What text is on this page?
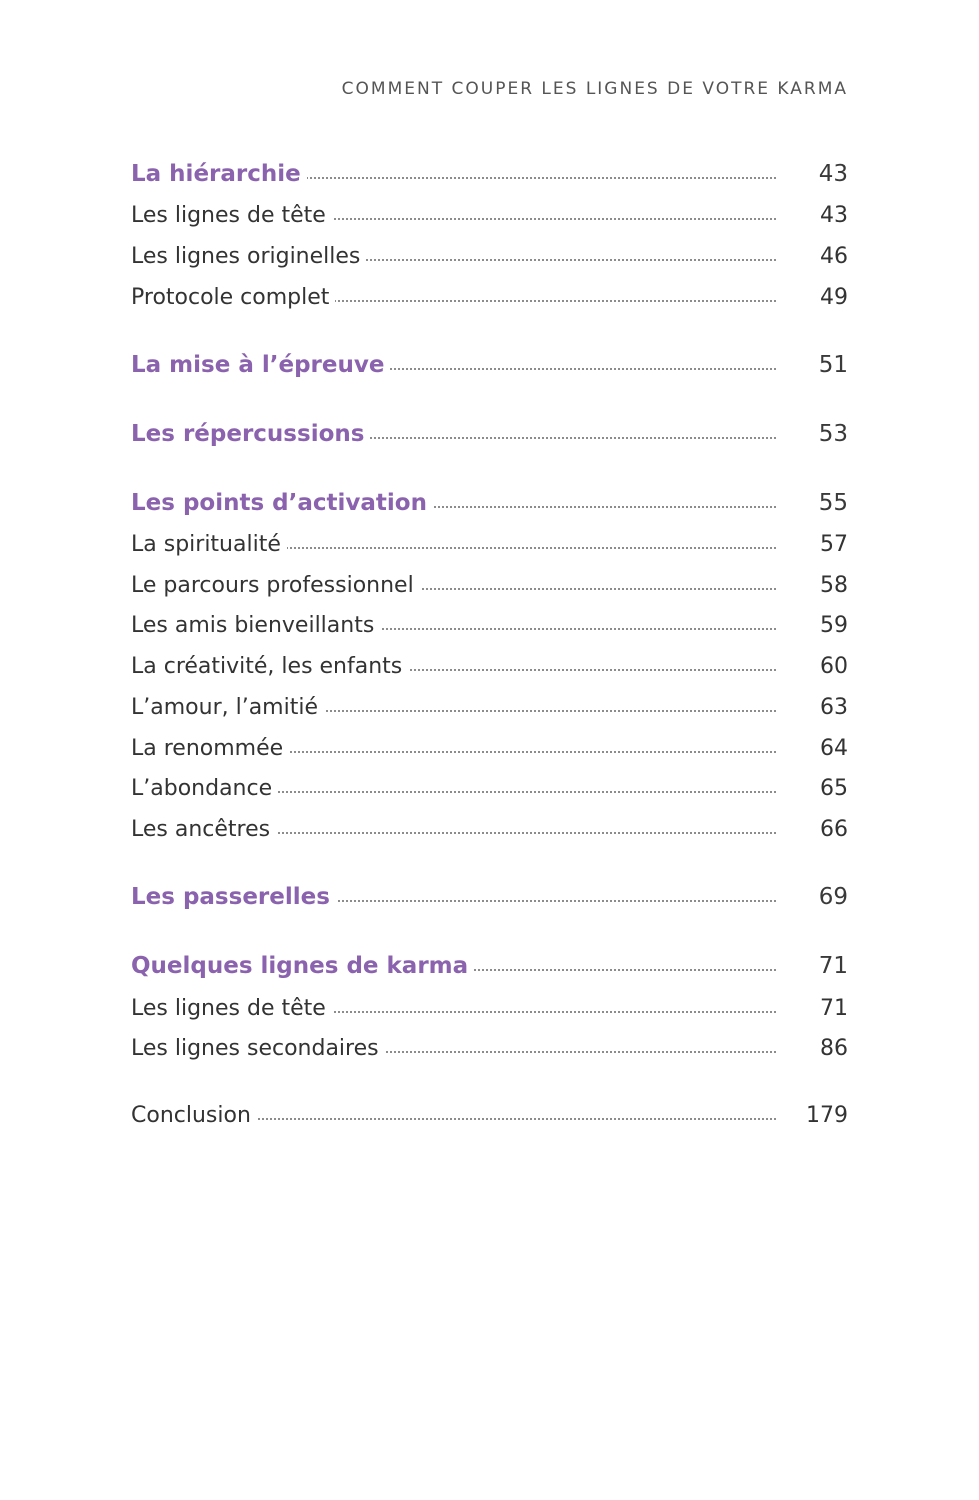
COMMENT COUPER LES LIGNES DE VOTRE KARMA
La hiérarchie	43
Les lignes de tête	43
Les lignes originelles	46
Protocole complet	49
La mise à l’épreuve	51
Les répercussions	53
Les points d’activation	55
La spiritualité	57
Le parcours professionnel	58
Les amis bienveillants	59
La créativité, les enfants	60
L’amour, l’amitié	63
La renommée	64
L’abondance	65
Les ancêtres	66
Les passerelles	69
Quelques lignes de karma	71
Les lignes de tête	71
Les lignes secondaires	86
Conclusion	179
